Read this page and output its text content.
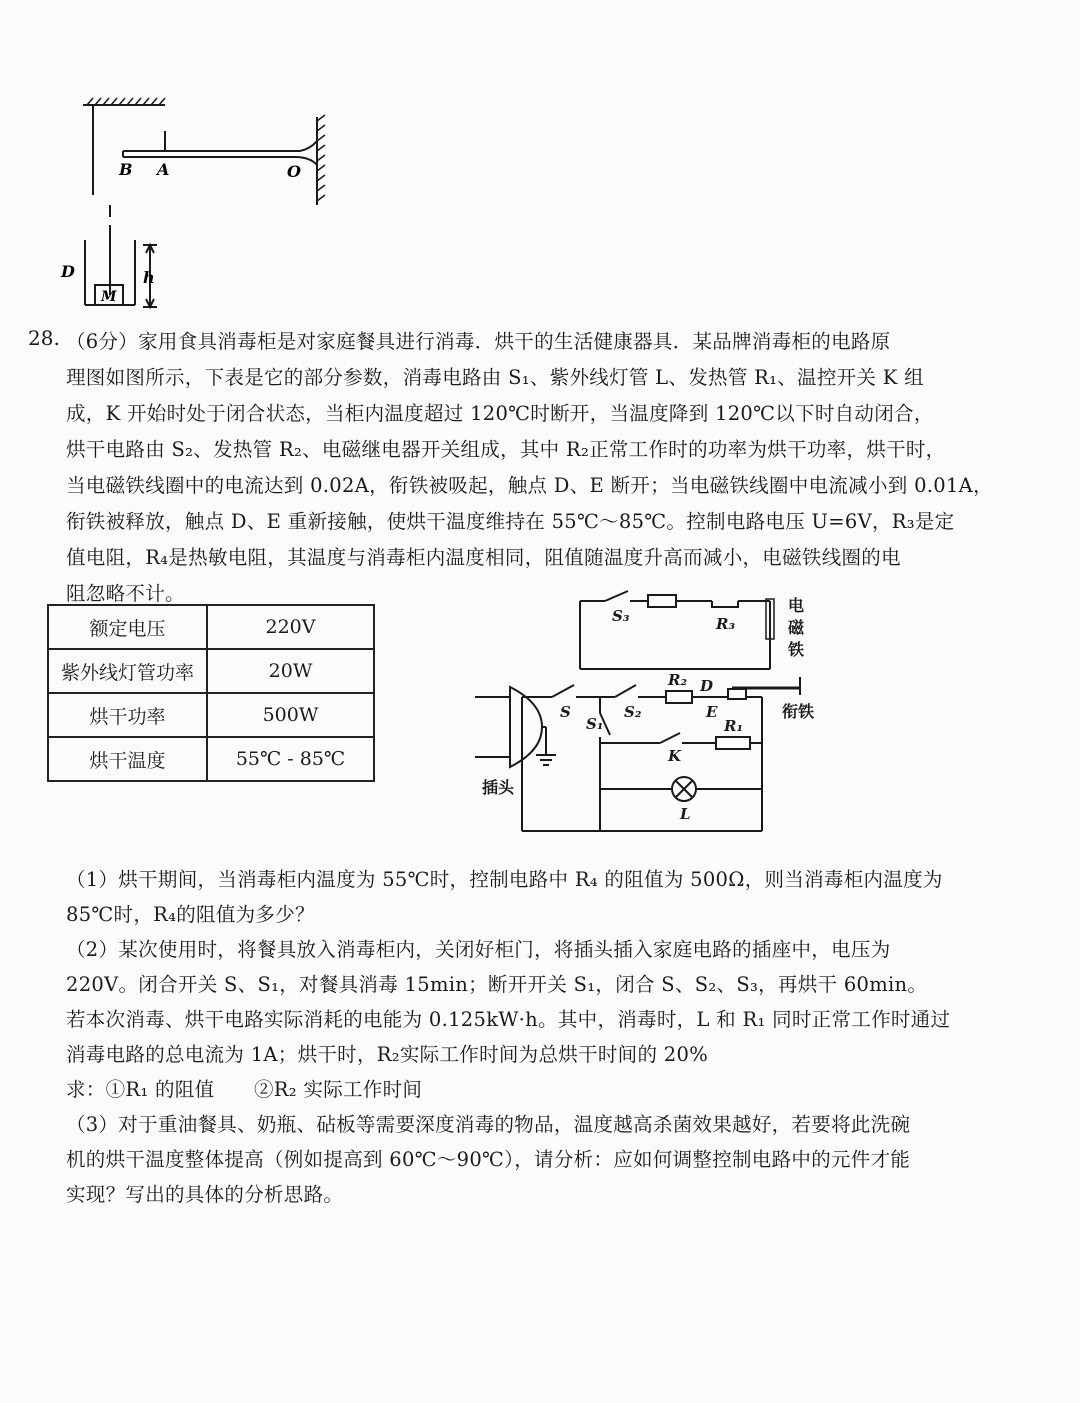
B A	O
D
M
h
28. （6分）家用食具消毒柜是对家庭餐具进行消毒．烘干的生活健康器具．某品牌消毒柜的电路原
理图如图所示，下表是它的部分参数，消毒电路由 S₁、紫外线灯管 L、发热管 R₁、温控开关 K 组
成，K 开始时处于闭合状态，当柜内温度超过 120℃时断开，当温度降到 120℃以下时自动闭合，
烘干电路由 S₂、发热管 R₂、电磁继电器开关组成，其中 R₂正常工作时的功率为烘干功率，烘干时，
当电磁铁线圈中的电流达到 0.02A，衔铁被吸起，触点 D、E 断开；当电磁铁线圈中电流减小到 0.01A，
衔铁被释放，触点 D、E 重新接触，使烘干温度维持在 55℃～85℃。控制电路电压 U=6V，R₃是定
值电阻，R₄是热敏电阻，其温度与消毒柜内温度相同，阻值随温度升高而减小，电磁铁线圈的电
阻忽略不计。
额定电压	220V
紫外线灯管功率	20W
烘干功率	500W
烘干温度	55℃ - 85℃
S₃	R₃
R₂ D
E
S	S₂
S₁	R₁
K
L
电
磁
铁
衔铁
插头
（1）烘干期间，当消毒柜内温度为 55℃时，控制电路中 R₄ 的阻值为 500Ω，则当消毒柜内温度为
85℃时，R₄的阻值为多少？
（2）某次使用时，将餐具放入消毒柜内，关闭好柜门，将插头插入家庭电路的插座中，电压为
220V。闭合开关 S、S₁，对餐具消毒 15min；断开开关 S₁，闭合 S、S₂、S₃，再烘干 60min。
若本次消毒、烘干电路实际消耗的电能为 0.125kW·h。其中，消毒时，L 和 R₁ 同时正常工作时通过
消毒电路的总电流为 1A；烘干时，R₂实际工作时间为总烘干时间的 20%
求：①R₁ 的阻值　　②R₂ 实际工作时间
（3）对于重油餐具、奶瓶、砧板等需要深度消毒的物品，温度越高杀菌效果越好，若要将此洗碗
机的烘干温度整体提高（例如提高到 60℃～90℃），请分析：应如何调整控制电路中的元件才能
实现？写出的具体的分析思路。
